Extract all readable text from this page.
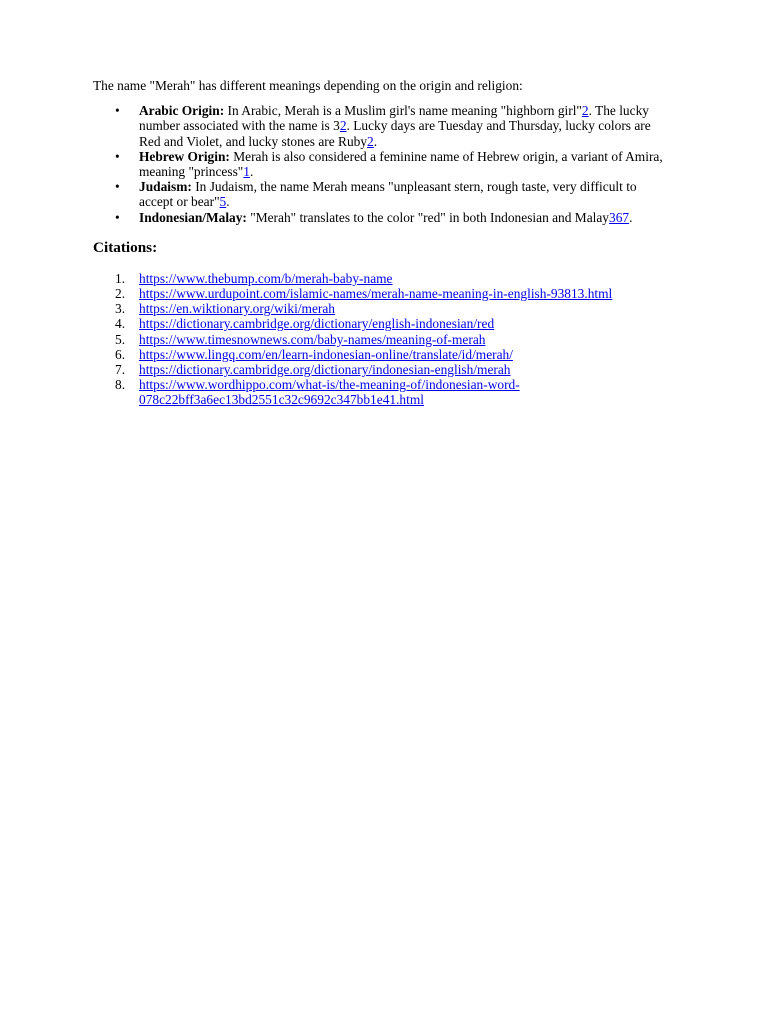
The name "Merah" has different meanings depending on the origin and religion:

• Arabic Origin: In Arabic, Merah is a Muslim girl's name meaning "highborn girl"2. The lucky number associated with the name is 32. Lucky days are Tuesday and Thursday, lucky colors are Red and Violet, and lucky stones are Ruby2.
• Hebrew Origin: Merah is also considered a feminine name of Hebrew origin, a variant of Amira, meaning "princess"1.
• Judaism: In Judaism, the name Merah means "unpleasant stern, rough taste, very difficult to accept or bear"5.
• Indonesian/Malay: "Merah" translates to the color "red" in both Indonesian and Malay367.
Citations:
1. https://www.thebump.com/b/merah-baby-name
2. https://www.urdupoint.com/islamic-names/merah-name-meaning-in-english-93813.html
3. https://en.wiktionary.org/wiki/merah
4. https://dictionary.cambridge.org/dictionary/english-indonesian/red
5. https://www.timesnownews.com/baby-names/meaning-of-merah
6. https://www.lingq.com/en/learn-indonesian-online/translate/id/merah/
7. https://dictionary.cambridge.org/dictionary/indonesian-english/merah
8. https://www.wordhippo.com/what-is/the-meaning-of/indonesian-word-078c22bff3a6ec13bd2551c32c9692c347bb1e41.html
